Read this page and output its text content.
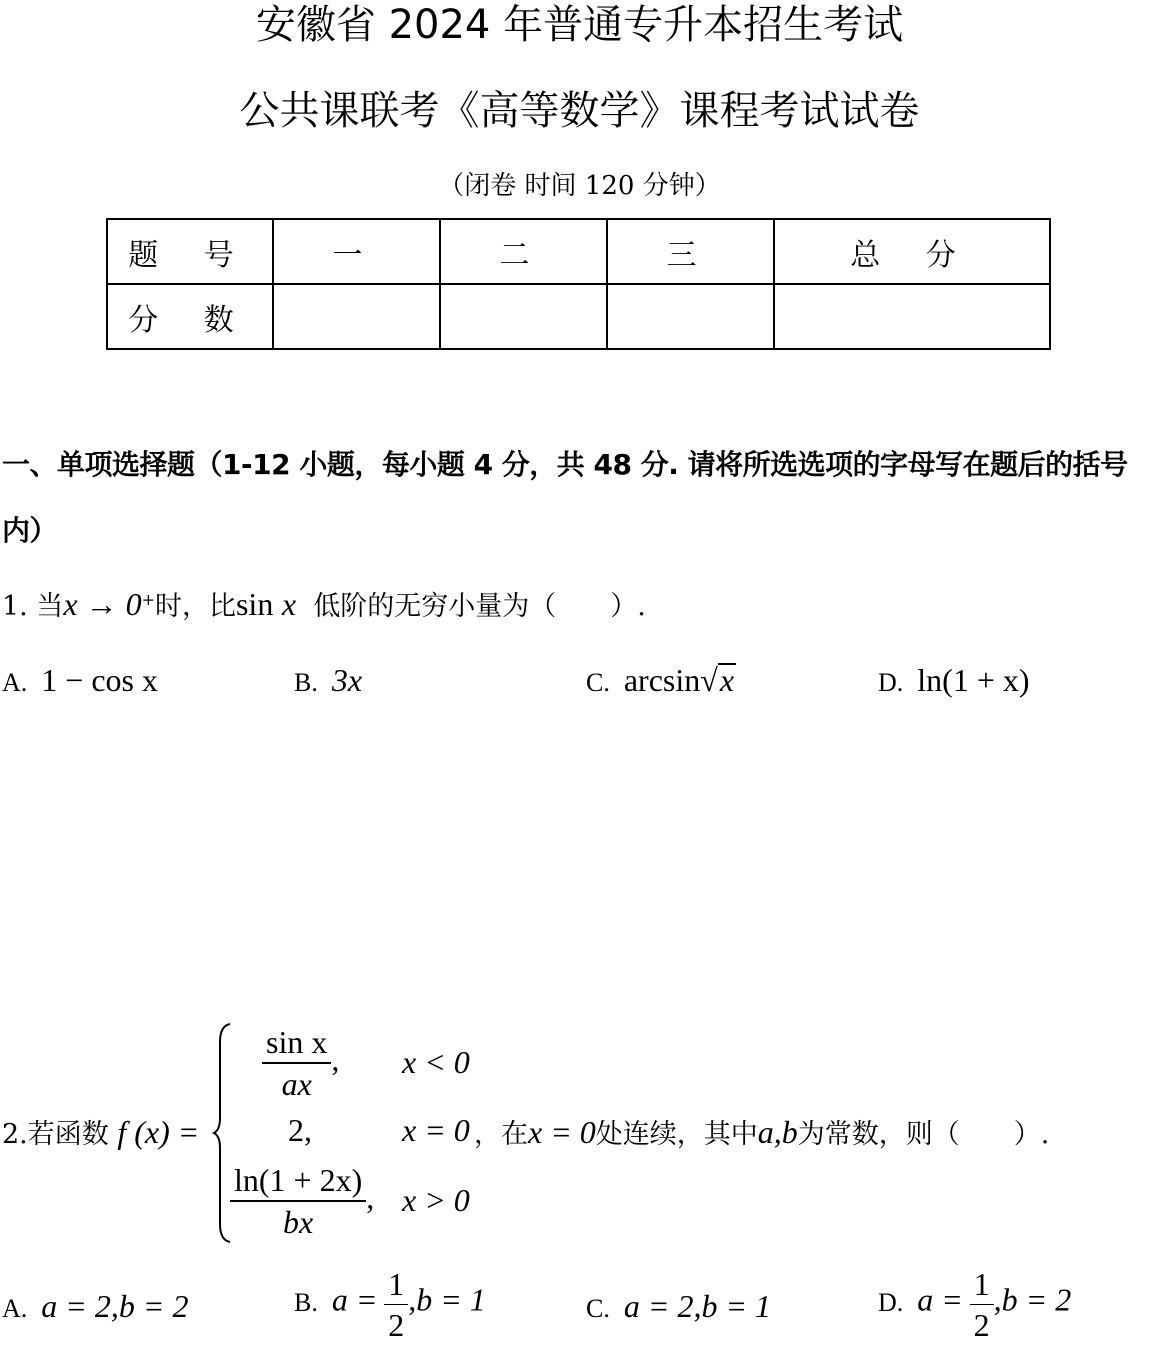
安徽省 2024 年普通专升本招生考试
公共课联考《高等数学》课程考试试卷
（闭卷 时间 120 分钟）
题 号	一	二	三	总 分
分 数				
一、单项选择题（1-12 小题，每小题 4 分，共 48 分. 请将所选选项的字母写在题后的括号内）
1. 当x → 0+时，比sin x 低阶的无穷小量为（　　）.
A. 1 − cos x	B. 3x	C. arcsin√x	D. ln(1 + x)
2.若函数 f (x) =
$\frac{\text{sin x}}{ax}$ , x < 0
2,	x = 0
$\frac{\ln(1 + 2x)}{bx}$ , x > 0
，在x = 0处连续，其中a,b为常数，则（　　）.
A. a = 2,b = 2	B. $a = \frac{1}{2} ,b = 1$	C. a = 2,b = 1	D. $a = \frac{1}{2} ,b = 2$
